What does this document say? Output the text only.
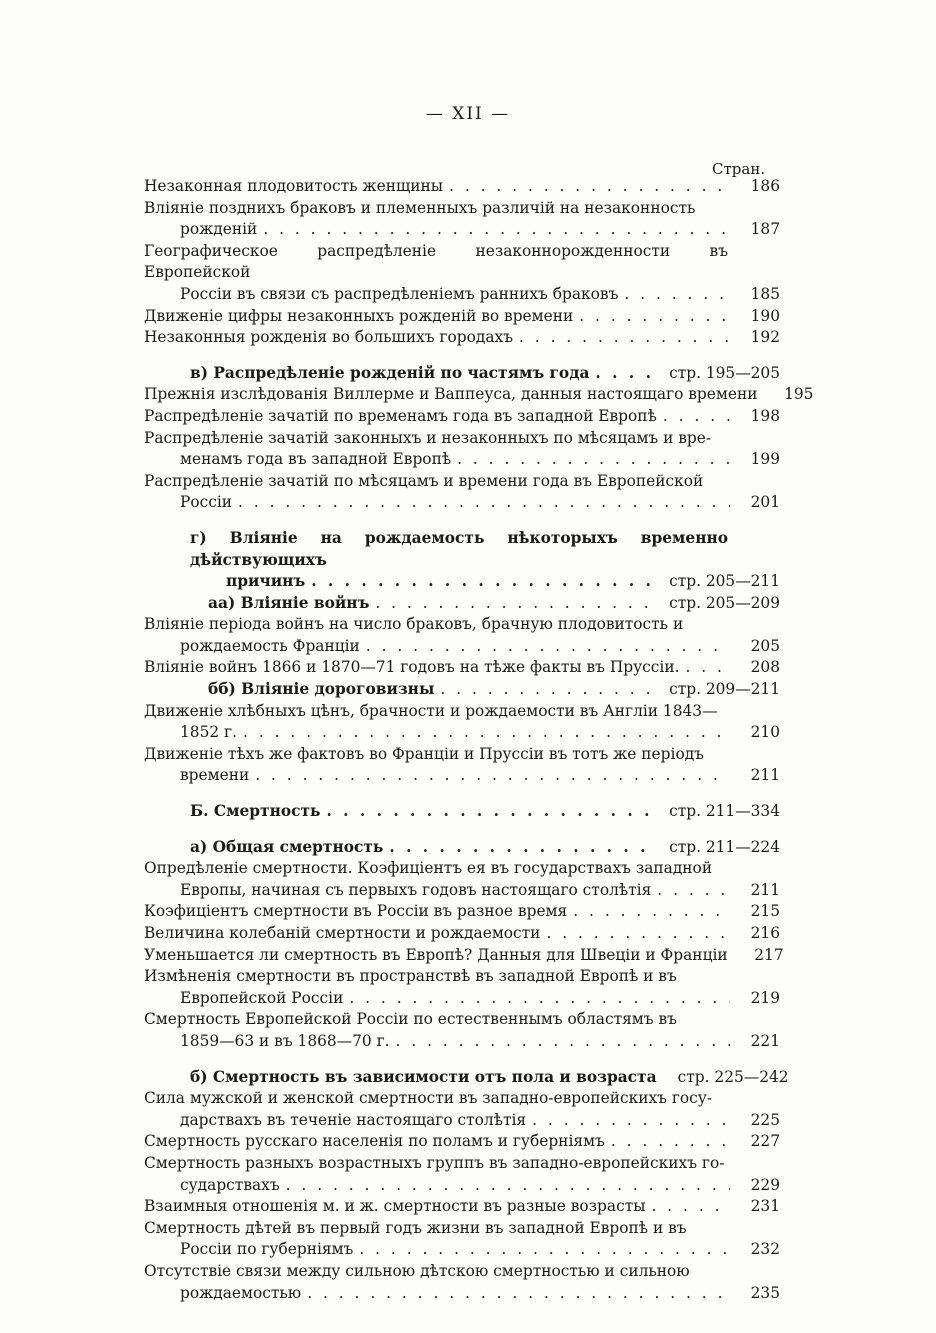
— XII —
Стран.
Незаконная плодовитость женщины . . .	186
Вліяніе позднихъ браковъ и племенныхъ различій на незаконность
рожденій . . .	187
Географическое распредѣленіе незаконнорожденности въ Европейской
Россіи въ связи съ распредѣленіемъ раннихъ браковъ . . .	185
Движеніе цифры незаконныхъ рожденій во времени . . .	190
Незаконныя рожденія во большихъ городахъ . . .	192
в) Распредѣленіе рожденій по частямъ года . . .	стр. 195—205
Прежнія изслѣдованія Виллерме и Ваппеуса, данныя настоящаго времени	195
Распредѣленіе зачатій по временамъ года въ западной Европѣ . . .	198
Распредѣленіе зачатій законныхъ и незаконныхъ по мѣсяцамъ и вре-
менамъ года въ западной Европѣ . . .	199
Распредѣленіе зачатій по мѣсяцамъ и времени года въ Европейской
Россіи . . .	201
г) Вліяніе на рождаемость нѣкоторыхъ временно дѣйствующихъ
причинъ . . .	стр. 205—211
аа) Вліяніе войнъ . . .	стр. 205—209
Вліяніе періода войнъ на число браковъ, брачную плодовитость и
рождаемость Франціи . . .	205
Вліяніе войнъ 1866 и 1870—71 годовъ на тѣже факты въ Пруссіи. . . .	208
бб) Вліяніе дороговизны . . .	стр. 209—211
Движеніе хлѣбныхъ цѣнъ, брачности и рождаемости въ Англіи 1843—
1852 г. . . .	210
Движеніе тѣхъ же фактовъ во Франціи и Пруссіи въ тотъ же періодъ
времени . . .	211
Б. Смертность . . .	стр. 211—334
а) Общая смертность . . .	стр. 211—224
Опредѣленіе смертности. Коэфиціентъ ея въ государствахъ западной
Европы, начиная съ первыхъ годовъ настоящаго столѣтія . . .	211
Коэфиціентъ смертности въ Россіи въ разное время . . .	215
Величина колебаній смертности и рождаемости . . .	216
Уменьшается ли смертность въ Европѣ? Данныя для Швеціи и Франціи	217
Измѣненія смертности въ пространствѣ въ западной Европѣ и въ
Европейской Россіи . . .	219
Смертность Европейской Россіи по естественнымъ областямъ въ
1859—63 и въ 1868—70 г. . . .	221
б) Смертность въ зависимости отъ пола и возраста	стр. 225—242
Сила мужской и женской смертности въ западно-европейскихъ госу-
дарствахъ въ теченіе настоящаго столѣтія . . .	225
Смертность русскаго населенія по поламъ и губерніямъ . . .	227
Смертность разныхъ возрастныхъ группъ въ западно-европейскихъ го-
сударствахъ . . .	229
Взаимныя отношенія м. и ж. смертности въ разные возрасты . . .	231
Смертность дѣтей въ первый годъ жизни въ западной Европѣ и въ
Россіи по губерніямъ . . .	232
Отсутствіе связи между сильною дѣтскою смертностью и сильною
рождаемостью . . .	235
